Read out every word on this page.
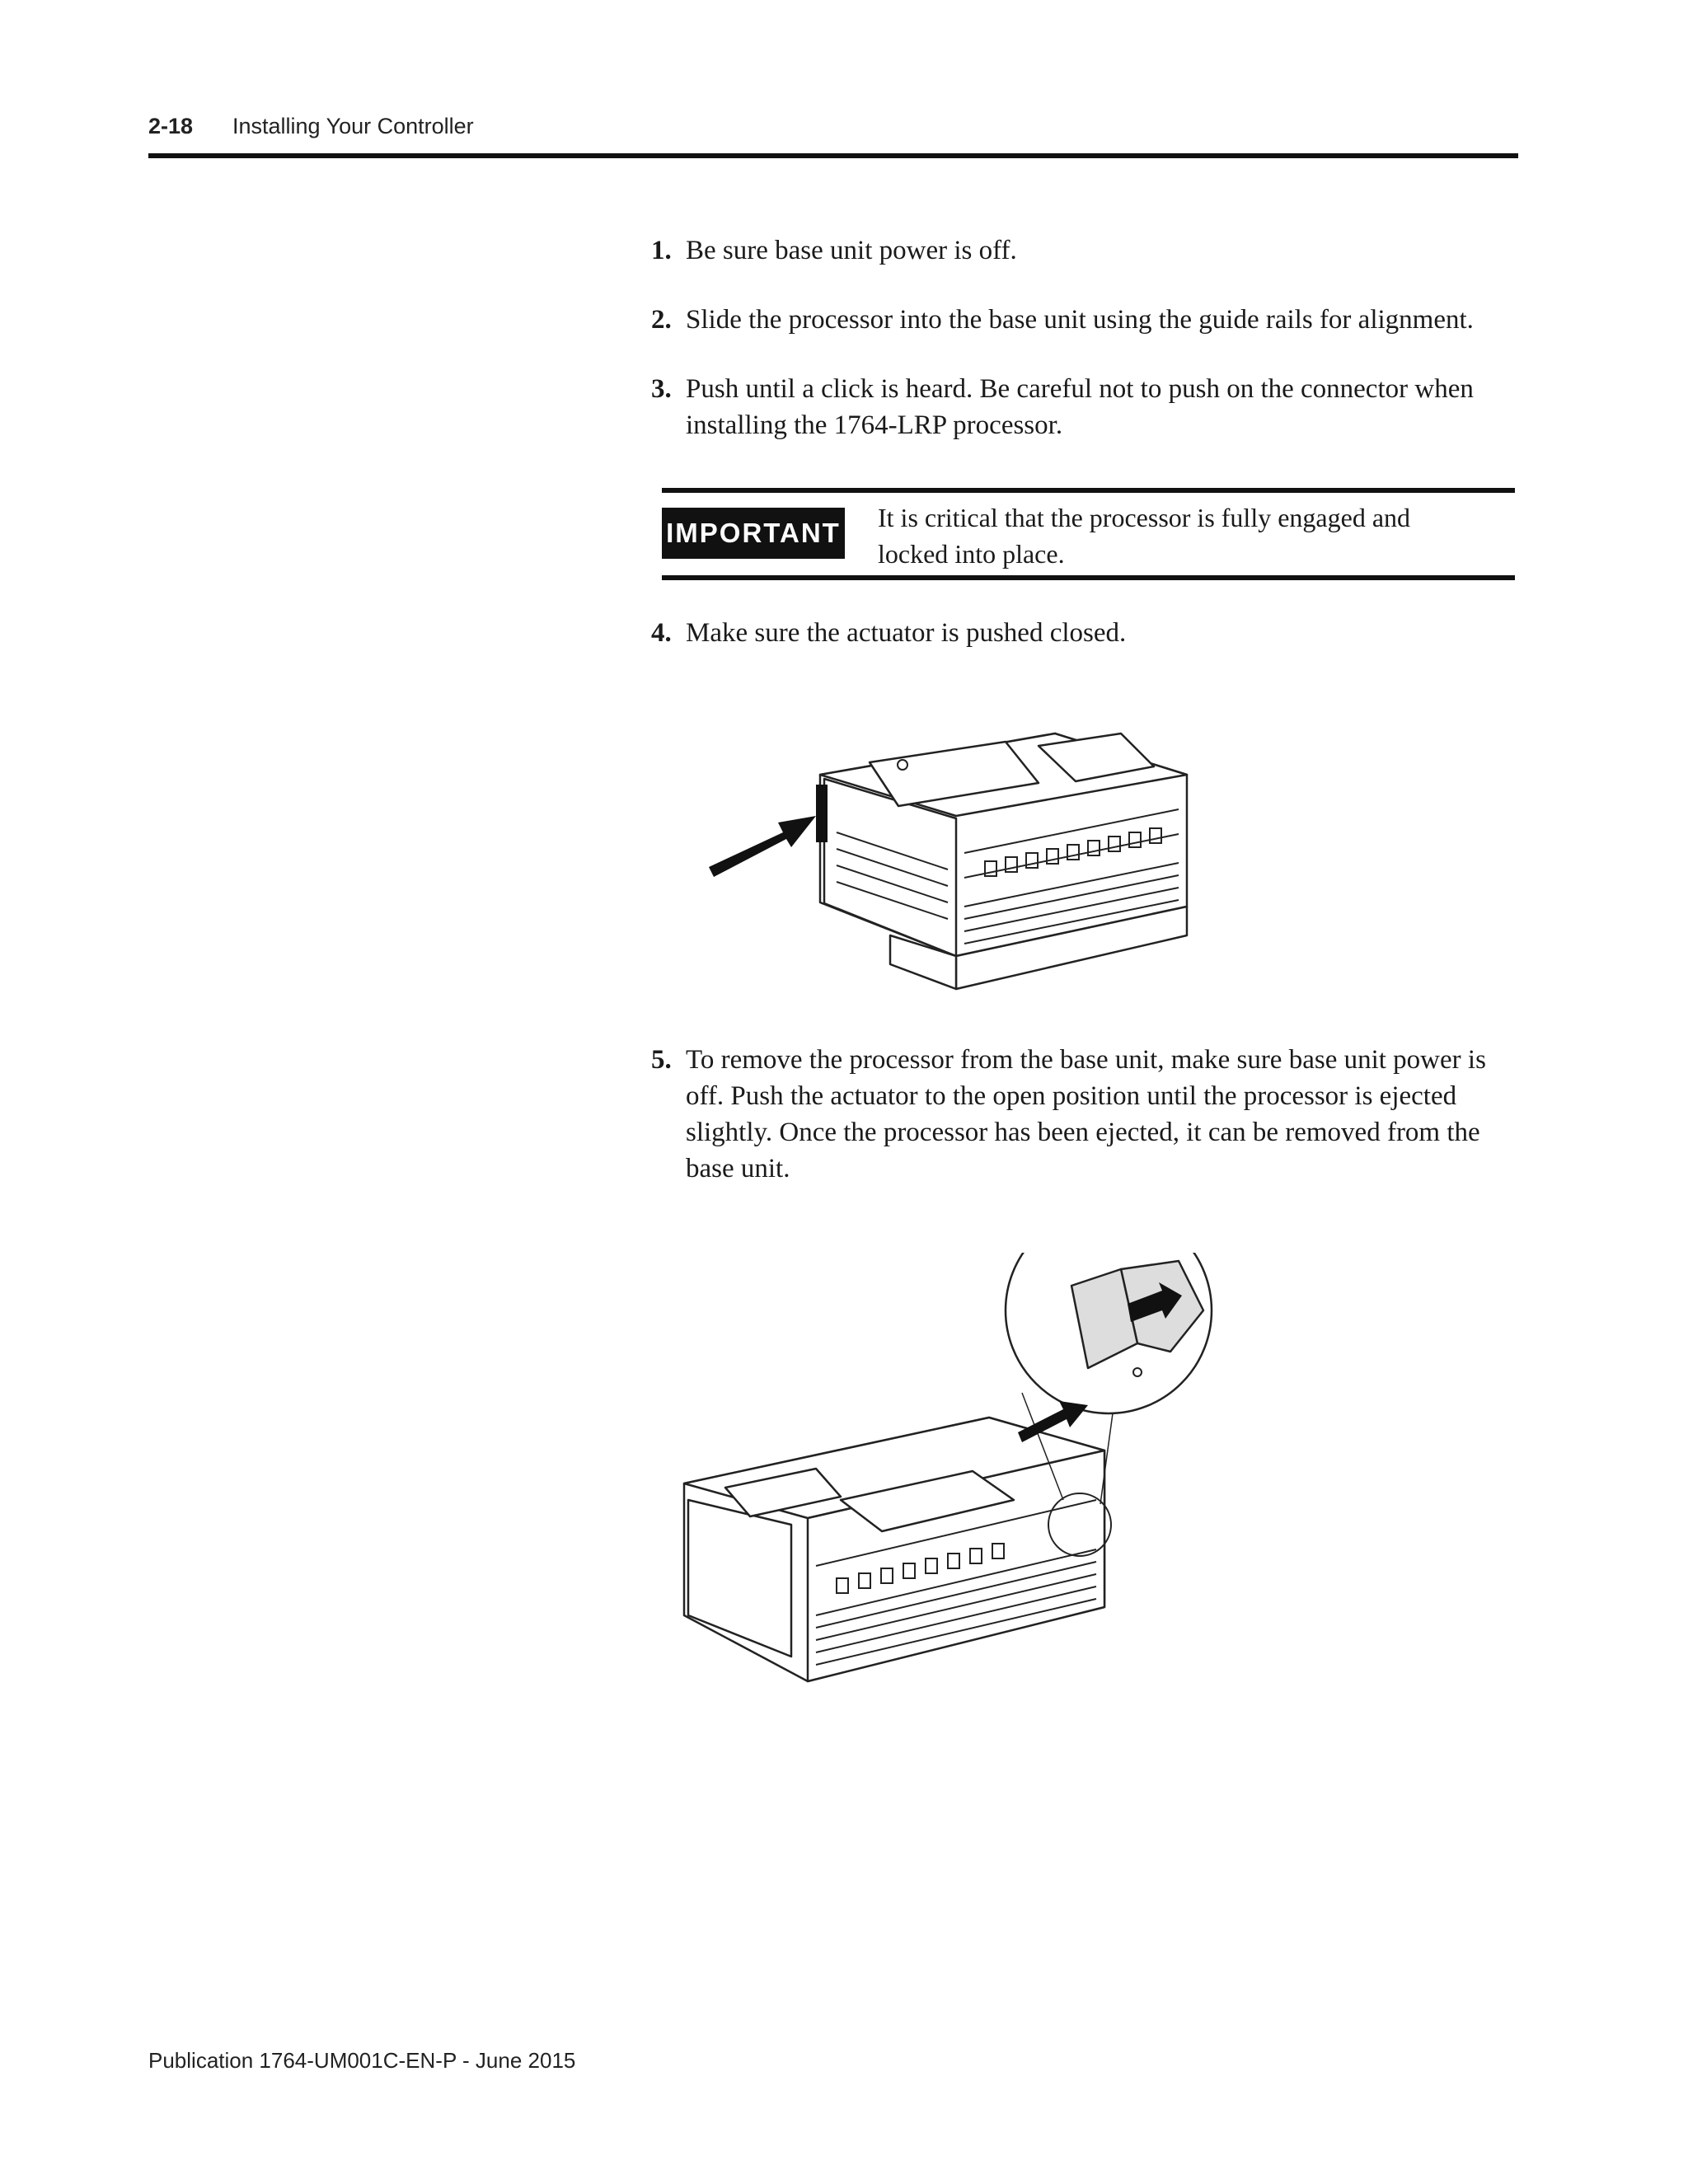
2-18 Installing Your Controller
1. Be sure base unit power is off.
2. Slide the processor into the base unit using the guide rails for alignment.
3. Push until a click is heard. Be careful not to push on the connector when installing the 1764-LRP processor.
4. Make sure the actuator is pushed closed.
5. To remove the processor from the base unit, make sure base unit power is off. Push the actuator to the open position until the processor is ejected slightly. Once the processor has been ejected, it can be removed from the base unit.
IMPORTANT It is critical that the processor is fully engaged and locked into place.
Publication 1764-UM001C-EN-P - June 2015
